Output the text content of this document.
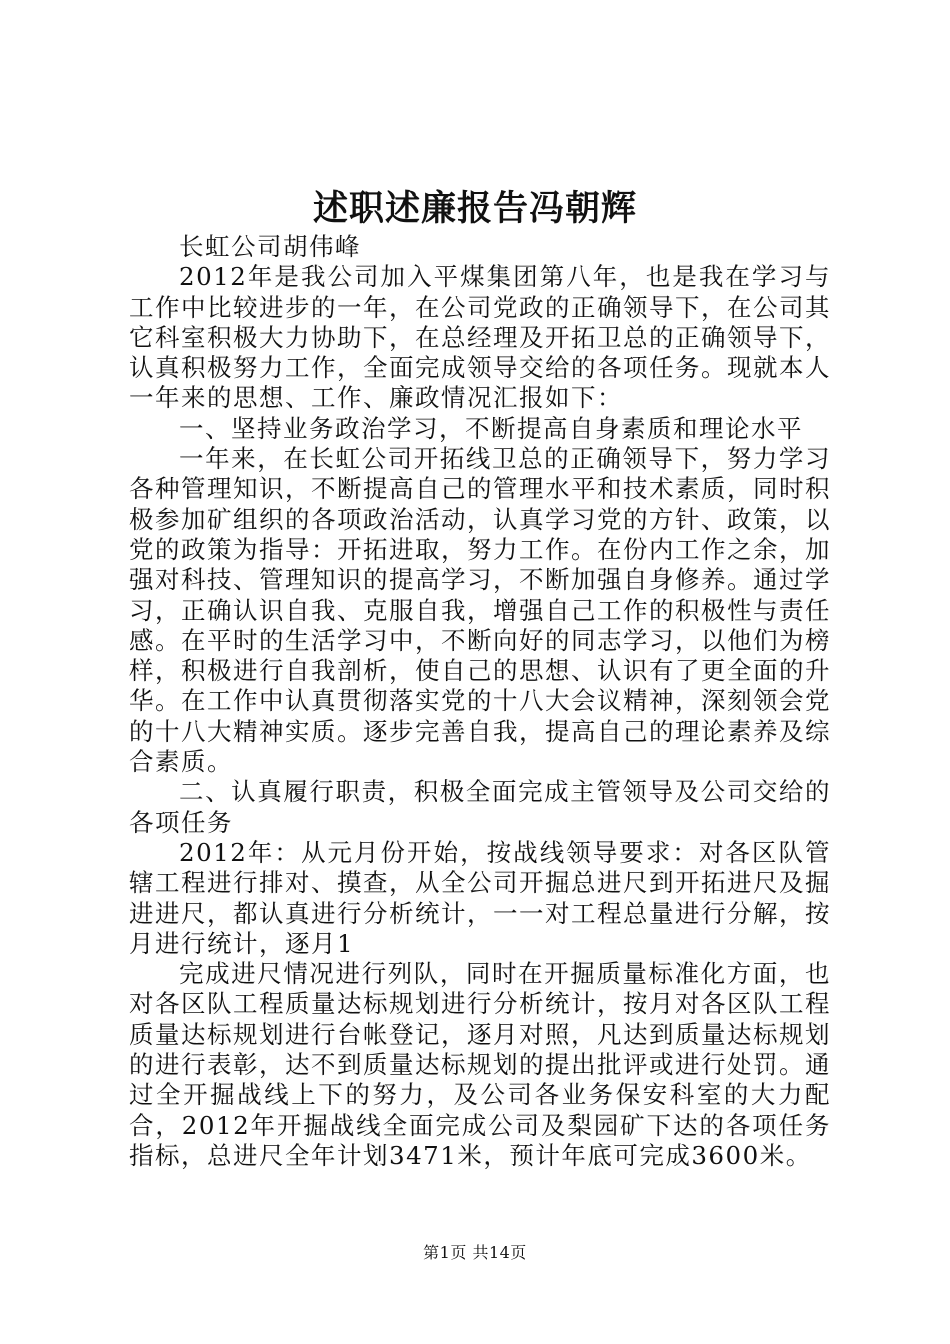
述职述廉报告冯朝辉

长虹公司胡伟峰

2012年是我公司加入平煤集团第八年，也是我在学习与工作中比较进步的一年，在公司党政的正确领导下，在公司其它科室积极大力协助下，在总经理及开拓卫总的正确领导下，认真积极努力工作，全面完成领导交给的各项任务。现就本人一年来的思想、工作、廉政情况汇报如下：

一、坚持业务政治学习，不断提高自身素质和理论水平

一年来，在长虹公司开拓线卫总的正确领导下，努力学习各种管理知识，不断提高自己的管理水平和技术素质，同时积极参加矿组织的各项政治活动，认真学习党的方针、政策，以党的政策为指导：开拓进取，努力工作。在份内工作之余，加强对科技、管理知识的提高学习，不断加强自身修养。通过学习，正确认识自我、克服自我，增强自己工作的积极性与责任感。在平时的生活学习中，不断向好的同志学习，以他们为榜样，积极进行自我剖析，使自己的思想、认识有了更全面的升华。在工作中认真贯彻落实党的十八大会议精神，深刻领会党的十八大精神实质。逐步完善自我，提高自己的理论素养及综合素质。

二、认真履行职责，积极全面完成主管领导及公司交给的各项任务

2012年：从元月份开始，按战线领导要求：对各区队管辖工程进行排对、摸查，从全公司开掘总进尺到开拓进尺及掘进进尺，都认真进行分析统计，一一对工程总量进行分解，按月进行统计，逐月1

完成进尺情况进行列队，同时在开掘质量标准化方面，也对各区队工程质量达标规划进行分析统计，按月对各区队工程质量达标规划进行台帐登记，逐月对照，凡达到质量达标规划的进行表彰，达不到质量达标规划的提出批评或进行处罚。通过全开掘战线上下的努力，及公司各业务保安科室的大力配合，2012年开掘战线全面完成公司及梨园矿下达的各项任务指标，总进尺全年计划3471米，预计年底可完成3600米。

第1页 共14页
